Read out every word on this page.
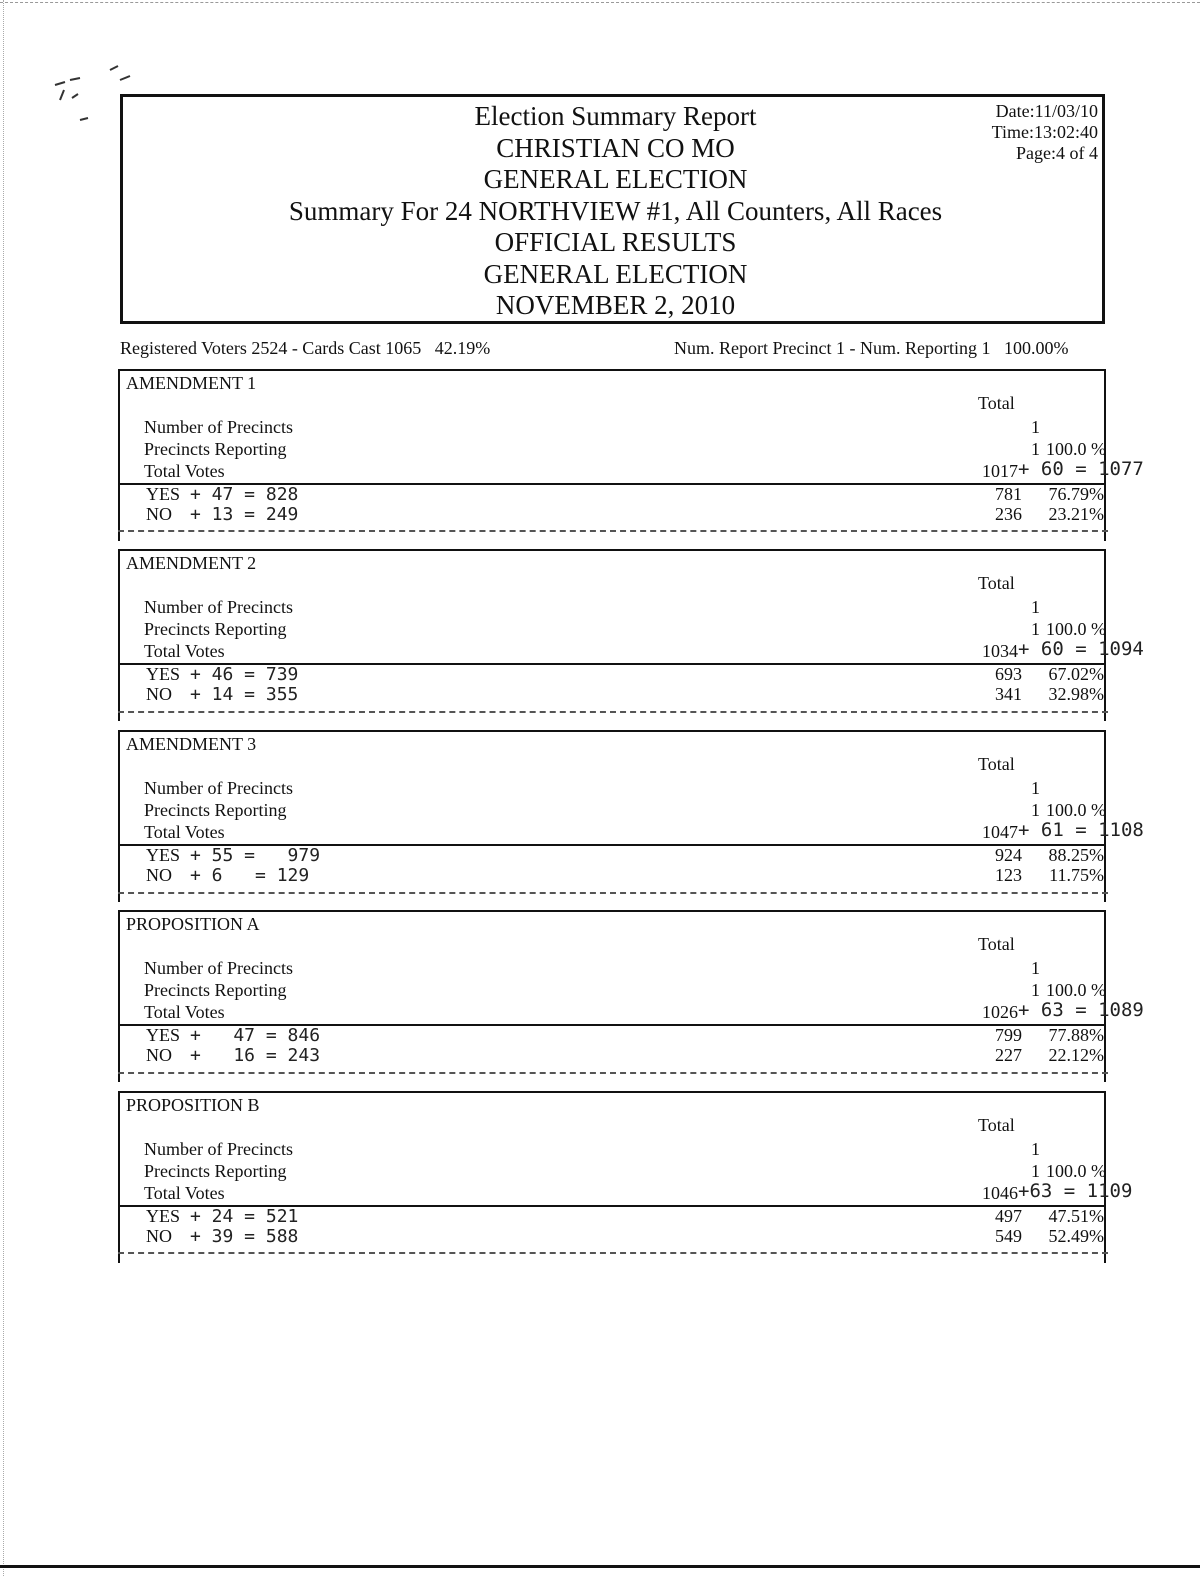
Election Summary Report
CHRISTIAN CO MO
GENERAL ELECTION
Summary For 24 NORTHVIEW #1, All Counters, All Races
OFFICIAL RESULTS
GENERAL ELECTION
NOVEMBER 2, 2010
Date:11/03/10
Time:13:02:40
Page:4 of 4
Registered Voters 2524 - Cards Cast 1065   42.19%	Num. Report Precinct 1 - Num. Reporting 1   100.00%
AMENDMENT 1
Total
Number of Precincts	1
Precincts Reporting	1 100.0 %
Total Votes	1017 + 60 = 1077
YES + 47 = 828	781	76.79%
NO + 13 = 249	236	23.21%
AMENDMENT 2
Total
Number of Precincts	1
Precincts Reporting	1 100.0 %
Total Votes	1034 + 60 = 1094
YES + 46 = 739	693	67.02%
NO + 14 = 355	341	32.98%
AMENDMENT 3
Total
Number of Precincts	1
Precincts Reporting	1 100.0 %
Total Votes	1047 + 61 = 1108
YES + 55 =   979	924	88.25%
NO + 6   = 129	123	11.75%
PROPOSITION A
Total
Number of Precincts	1
Precincts Reporting	1 100.0 %
Total Votes	1026 + 63 = 1089
YES +   47 = 846	799	77.88%
NO +   16 = 243	227	22.12%
PROPOSITION B
Total
Number of Precincts	1
Precincts Reporting	1 100.0 %
Total Votes	1046 +63 = 1109
YES + 24 = 521	497	47.51%
NO + 39 = 588	549	52.49%
